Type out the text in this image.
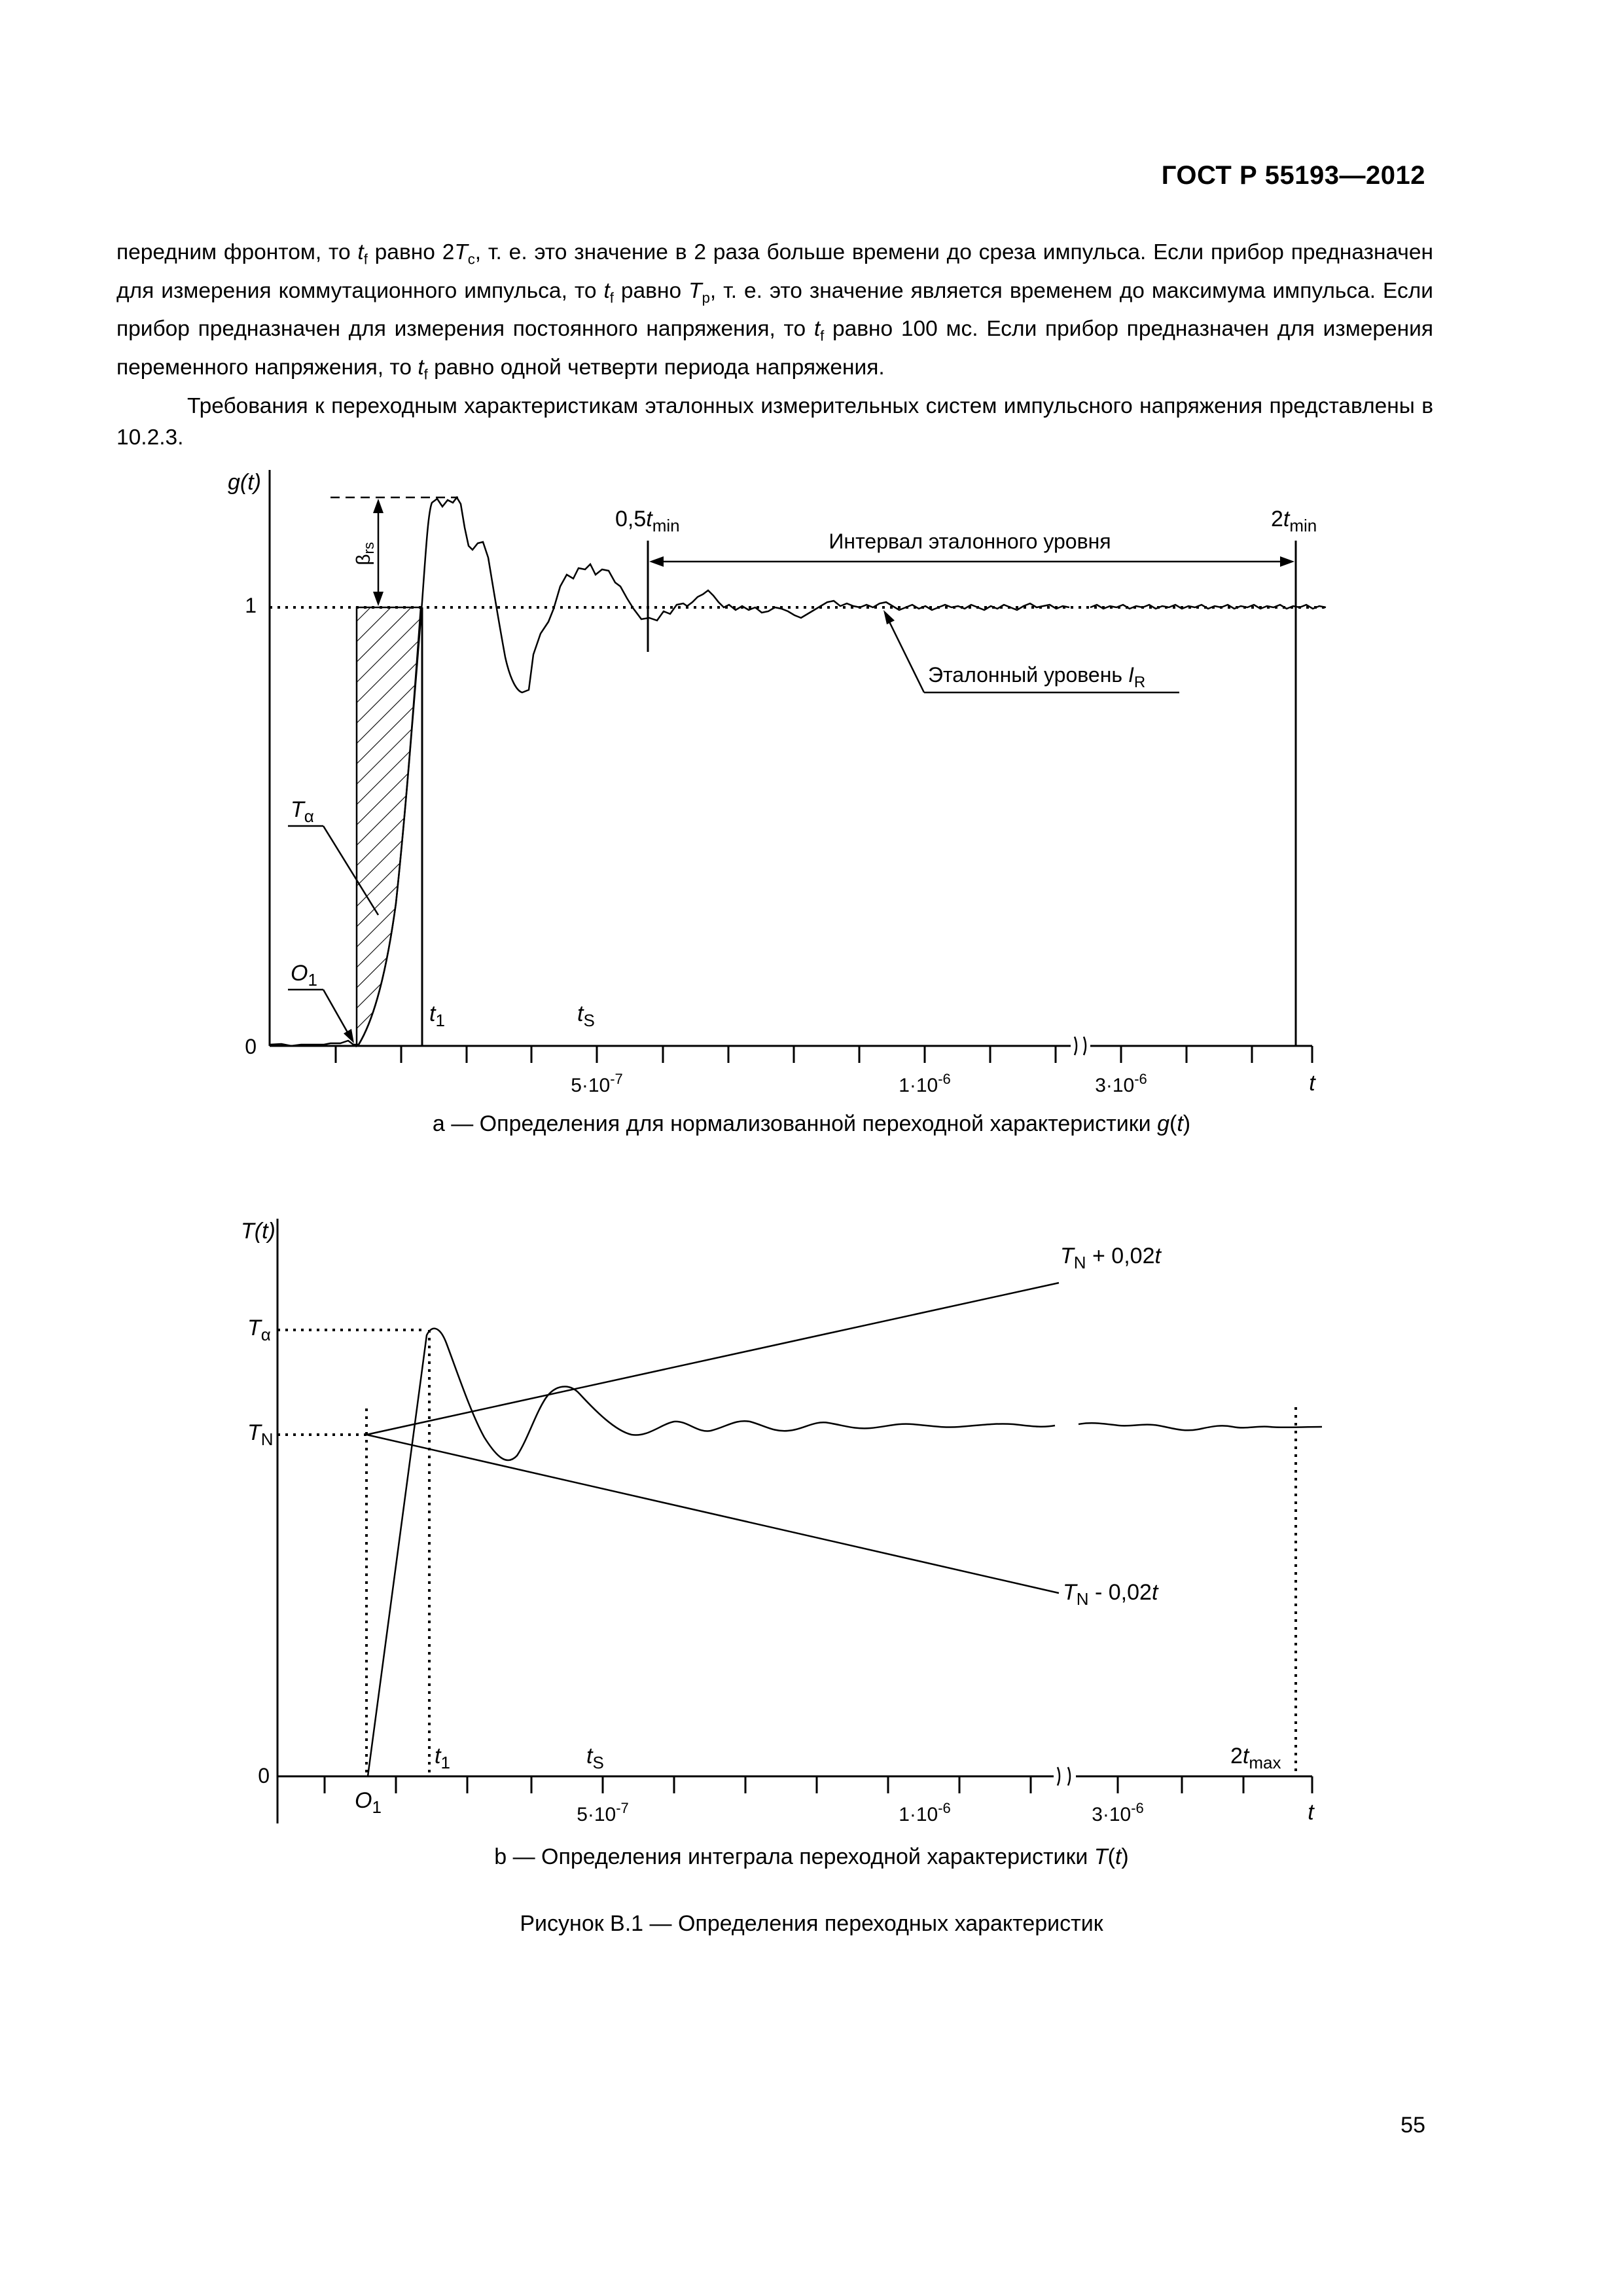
ГОСТ Р 55193—2012

передним фронтом, то $t_f$ равно $2T_c$, т. е. это значение в 2 раза больше времени до среза импульса. Если прибор предназначен для измерения коммутационного импульса, то $t_f$ равно $T_p$, т. е. это значение является временем до максимума импульса. Если прибор предназначен для измерения постоянного напряжения, то $t_f$ равно 100 мс. Если прибор предназначен для измерения переменного напряжения, то $t_f$ равно одной четверти периода напряжения.

Требования к переходным характеристикам эталонных измерительных систем импульсного напряжения представлены в 10.2.3.

1
0
g(t)
$\beta_{rs}$	Интервал эталонного уровня
$0,5t_{min}$	$2t_{min}$
Эталонный уровень $I_R$
$T_\alpha$
$O_1$
$t_1$	$t_S$
$5\cdot 10^{-7}$	$1\cdot 10^{-6}$	$3\cdot 10^{-6}$	t
a — Определения для нормализованной переходной характеристики g(t)
T(t)
$T_\alpha$
$T_N$
0
$T_N + 0,02t$
$T_N - 0,02t$
$O_1$
$t_1$	$t_S$	$2t_{max}$
$5\cdot 10^{-7}$	$1\cdot 10^{-6}$	$3\cdot 10^{-6}$	t
b — Определения интеграла переходной характеристики T(t)
Рисунок В.1 — Определения переходных характеристик
55
